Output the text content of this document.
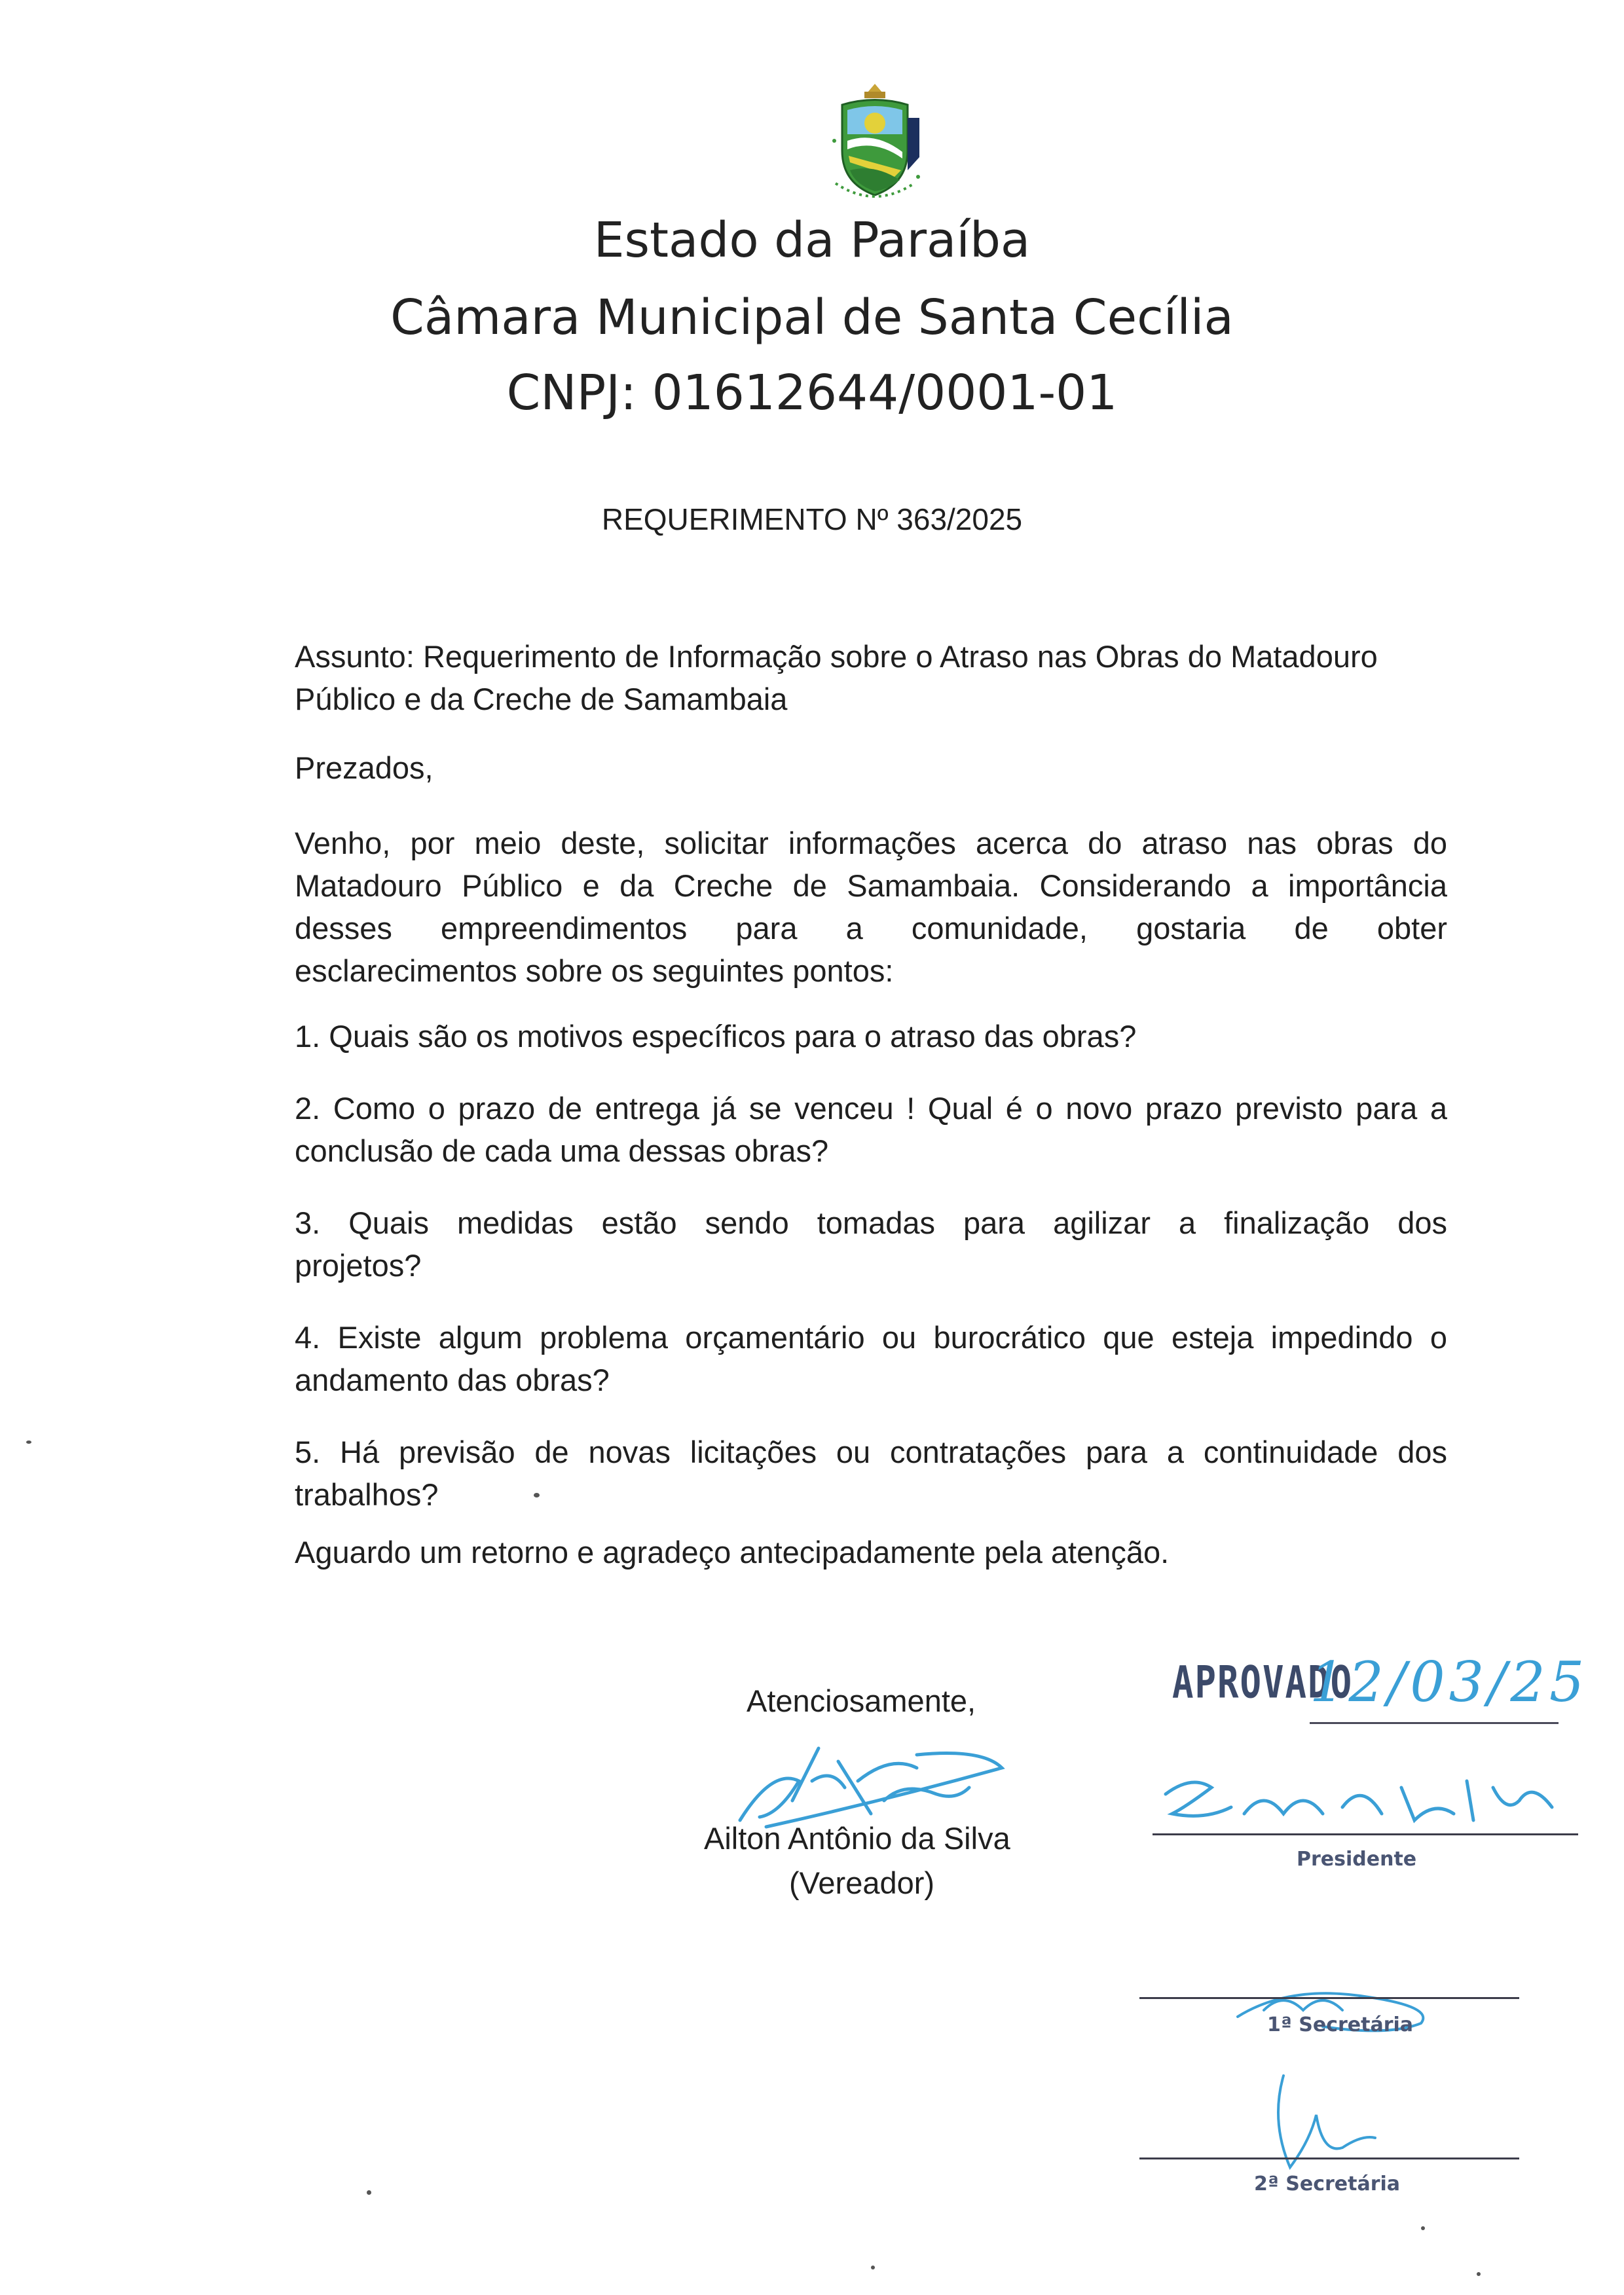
Estado da Paraíba
Câmara Municipal de Santa Cecília
CNPJ: 01612644/0001-01
REQUERIMENTO Nº 363/2025
Assunto: Requerimento de Informação sobre o Atraso nas Obras do Matadouro
Público e da Creche de Samambaia
Prezados,
Venho, por meio deste, solicitar informações acerca do atraso nas obras do
Matadouro Público e da Creche de Samambaia. Considerando a importância
desses empreendimentos para a comunidade, gostaria de obter
esclarecimentos sobre os seguintes pontos:
1. Quais são os motivos específicos para o atraso das obras?
2. Como o prazo de entrega já se venceu ! Qual é o novo prazo previsto para a
conclusão de cada uma dessas obras?
3. Quais medidas estão sendo tomadas para agilizar a finalização dos
projetos?
4. Existe algum problema orçamentário ou burocrático que esteja impedindo o
andamento das obras?
5. Há previsão de novas licitações ou contratações para a continuidade dos
trabalhos?
Aguardo um retorno e agradeço antecipadamente pela atenção.
Atenciosamente,
Ailton Antônio da Silva
(Vereador)
APROVADO
12/03/25
Presidente
1ª Secretária
2ª Secretária
